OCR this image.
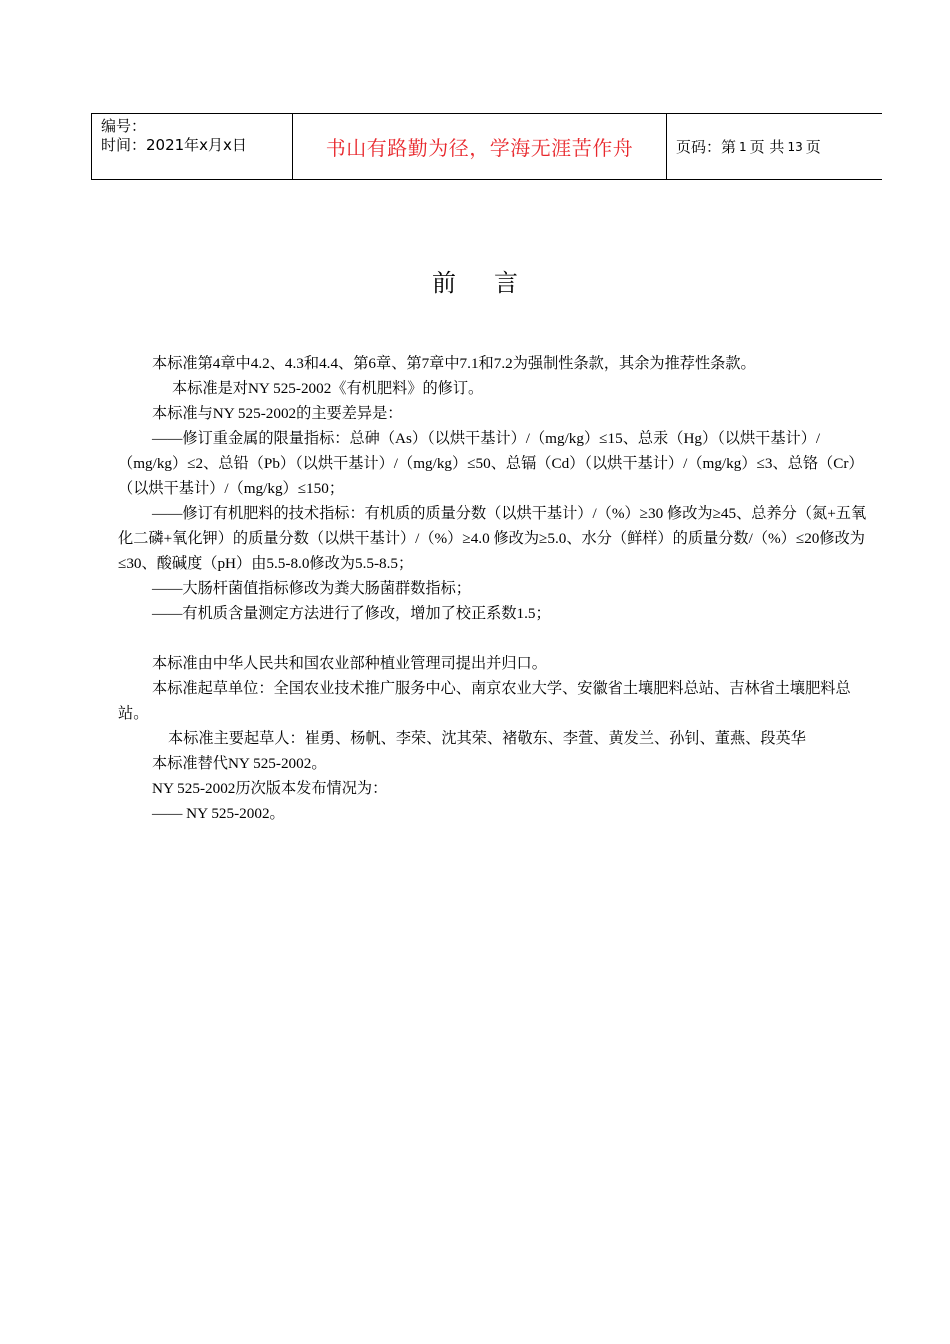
编号：
时间：2021年x月x日	书山有路勤为径，学海无涯苦作舟	页码：第 1 页 共 13 页
前言

本标准第4章中4.2、4.3和4.4、第6章、第7章中7.1和7.2为强制性条款，其余为推荐性条款。

本标准是对NY 525-2002《有机肥料》的修订。

本标准与NY 525-2002的主要差异是：

——修订重金属的限量指标：总砷（As）（以烘干基计）/（mg/kg）≤15、总汞（Hg）（以烘干基计）/（mg/kg）≤2、总铅（Pb）（以烘干基计）/（mg/kg）≤50、总镉（Cd）（以烘干基计）/（mg/kg）≤3、总铬（Cr）（以烘干基计）/（mg/kg）≤150；

——修订有机肥料的技术指标：有机质的质量分数（以烘干基计）/（%）≥30 修改为≥45、总养分（氮+五氧化二磷+氧化钾）的质量分数（以烘干基计）/（%）≥4.0 修改为≥5.0、水分（鲜样）的质量分数/（%）≤20修改为≤30、酸碱度（pH）由5.5-8.0修改为5.5-8.5；

——大肠杆菌值指标修改为粪大肠菌群数指标；

——有机质含量测定方法进行了修改，增加了校正系数1.5；

本标准由中华人民共和国农业部种植业管理司提出并归口。

本标准起草单位：全国农业技术推广服务中心、南京农业大学、安徽省土壤肥料总站、吉林省土壤肥料总站。

本标准主要起草人：崔勇、杨帆、李荣、沈其荣、褚敬东、李萱、黄发兰、孙钊、董燕、段英华

本标准替代NY 525-2002。

NY 525-2002历次版本发布情况为：

—— NY 525-2002。
